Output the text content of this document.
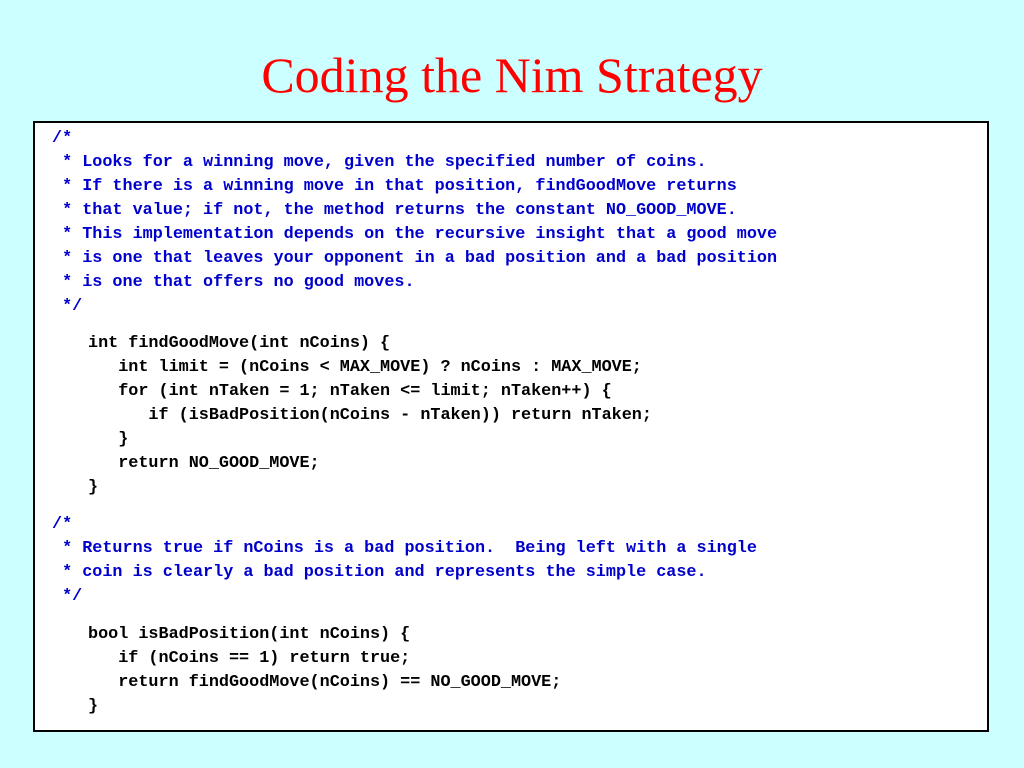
Coding the Nim Strategy
/*
* Looks for a winning move, given the specified number of coins.
* If there is a winning move in that position, findGoodMove returns
* that value; if not, the method returns the constant NO_GOOD_MOVE.
* This implementation depends on the recursive insight that a good move
* is one that leaves your opponent in a bad position and a bad position
* is one that offers no good moves.
*/
int findGoodMove(int nCoins) {
int limit = (nCoins < MAX_MOVE) ? nCoins : MAX_MOVE;
for (int nTaken = 1; nTaken <= limit; nTaken++) {
if (isBadPosition(nCoins - nTaken)) return nTaken;
}
return NO_GOOD_MOVE;
}
/*
* Returns true if nCoins is a bad position.  Being left with a single
* coin is clearly a bad position and represents the simple case.
*/
bool isBadPosition(int nCoins) {
if (nCoins == 1) return true;
return findGoodMove(nCoins) == NO_GOOD_MOVE;
}
